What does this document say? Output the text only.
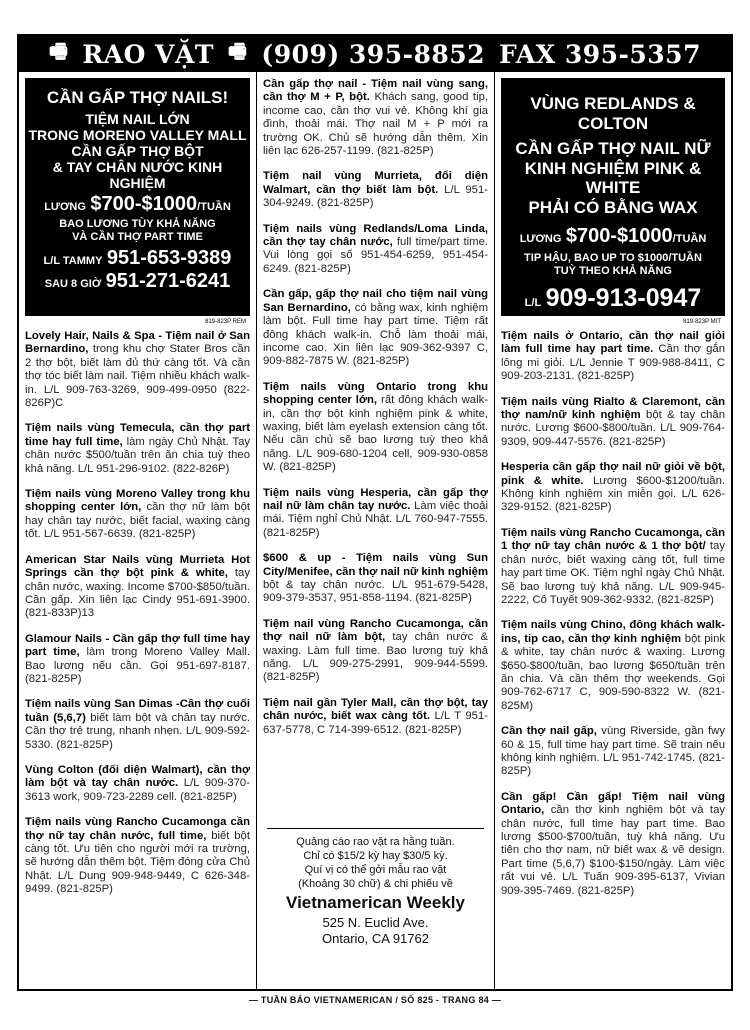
🖷 RAO VẶT 🖷 (909) 395-8852 FAX 395-5357
CẦN GẤP THỢ NAILS!
TIỆM NAIL LỚN
TRONG MORENO VALLEY MALL
CẦN GẤP THỢ BỘT
& TAY CHÂN NƯỚC KINH NGHIỆM
LƯƠNG $700-$1000/TUẦN
BAO LƯƠNG TÙY KHẢ NĂNG
VÀ CẦN THỢ PART TIME
L/L TAMMY 951-653-9389
SAU 8 GIỜ 951-271-6241
819-823P REM

Lovely Hair, Nails & Spa - Tiệm nail ở San Bernardino, trong khu chợ Stater Bros cần 2 thợ bột, biết làm đủ thứ càng tốt. Và cần thợ tóc biết làm nail. Tiệm nhiều khách walk-in. L/L 909-763-3269, 909-499-0950 (822-826P)C

Tiệm nails vùng Temecula, cần thợ part time hay full time, làm ngày Chủ Nhật. Tay chân nước $500/tuần trên ăn chia tuỳ theo khả năng. L/L 951-296-9102. (822-826P)

Tiệm nails vùng Moreno Valley trong khu shopping center lớn, cần thợ nữ làm bột hay chân tay nước, biết facial, waxing càng tốt. L/L 951-567-6639. (821-825P)

American Star Nails vùng Murrieta Hot Springs cần thợ bột pink & white, tay chân nước, waxing. Income $700-$850/tuần. Cần gấp. Xin liên lạc Cindy 951-691-3900. (821-833P)13

Glamour Nails - Cần gấp thợ full time hay part time, làm trong Moreno Valley Mall. Bao lương nếu cần. Gọi 951-697-8187. (821-825P)

Tiệm nails vùng San Dimas -Cần thợ cuối tuần (5,6,7) biết làm bột và chân tay nước. Cần thợ trẻ trung, nhanh nhẹn. L/L 909-592-5330. (821-825P)

Vùng Colton (đối diện Walmart), cần thợ làm bột và tay chân nước. L/L 909-370-3613 work, 909-723-2289 cell. (821-825P)

Tiệm nails vùng Rancho Cucamonga cần thợ nữ tay chân nước, full time, biết bột càng tốt. Ưu tiên cho người mới ra trường, sẽ hướng dẫn thêm bột. Tiệm đóng cửa Chủ Nhật. L/L Dung 909-948-9449, C 626-348-9499. (821-825P)

Cần gấp thợ nail - Tiệm nail vùng sang, cần thợ M + P, bột. Khách sang, good tip, income cao, cần thợ vui vẻ. Không khí gia đình, thoải mái. Thợ nail M + P mới ra trường OK. Chủ sẽ hướng dẫn thêm. Xin liên lạc 626-257-1199. (821-825P)

Tiệm nail vùng Murrieta, đối diện Walmart, cần thợ biết làm bột. L/L 951-304-9249. (821-825P)

Tiệm nails vùng Redlands/Loma Linda, cần thợ tay chân nước, full time/part time. Vui lòng gọi số 951-454-6259, 951-454-6249. (821-825P)

Cần gấp, gấp thợ nail cho tiệm nail vùng San Bernardino, có bằng wax, kinh nghiệm làm bột. Full time hay part time. Tiệm rất đông khách walk-in. Chỗ làm thoải mái, income cao. Xin liên lạc 909-362-9397 C, 909-882-7875 W. (821-825P)

Tiệm nails vùng Ontario trong khu shopping center lớn, rất đông khách walk-in, cần thợ bột kinh nghiệm pink & white, waxing, biết làm eyelash extension càng tốt. Nếu cần chủ sẽ bao lương tuỳ theo khả năng. L/L 909-680-1204 cell, 909-930-0858 W. (821-825P)

Tiệm nails vùng Hesperia, cần gấp thợ nail nữ làm chân tay nước. Làm việc thoải mái. Tiệm nghỉ Chủ Nhật. L/L 760-947-7555. (821-825P)

$600 & up - Tiệm nails vùng Sun City/Menifee, cần thợ nail nữ kinh nghiệm bột & tay chân nước. L/L 951-679-5428, 909-379-3537, 951-858-1194. (821-825P)

Tiệm nail vùng Rancho Cucamonga, cần thợ nail nữ làm bột, tay chân nước & waxing. Làm full time. Bao lương tuỳ khả năng. L/L 909-275-2991, 909-944-5599. (821-825P)

Tiệm nail gần Tyler Mall, cần thợ bột, tay chân nước, biết wax càng tốt. L/L T 951-637-5778, C 714-399-6512. (821-825P)

Quảng cáo rao vặt ra hằng tuần.
Chỉ có $15/2 kỳ hay $30/5 kỳ.
Quí vị có thể gởi mẫu rao vặt
(Khoảng 30 chữ) & chi phiếu về
Vietnamerican Weekly
525 N. Euclid Ave.
Ontario, CA 91762
VÙNG REDLANDS & COLTON
CẦN GẤP THỢ NAIL NỮ
KINH NGHIỆM PINK & WHITE
PHẢI CÓ BẰNG WAX
LƯƠNG $700-$1000/TUẦN
TIP HẬU, BAO UP TO $1000/TUẦN
TUỲ THEO KHẢ NĂNG
L/L 909-913-0947
819-823P MIT

Tiệm nails ở Ontario, cần thợ nail giỏi làm full time hay part time. Cần thợ gắn lông mi giỏi. L/L Jennie T 909-988-8411, C 909-203-2131. (821-825P)

Tiệm nails vùng Rialto & Claremont, cần thợ nam/nữ kinh nghiệm bột & tay chân nước. Lương $600-$800/tuần. L/L 909-764-9309, 909-447-5576. (821-825P)

Hesperia cần gấp thợ nail nữ giỏi về bột, pink & white. Lương $600-$1200/tuần. Không kinh nghiệm xin miễn gọi. L/L 626-329-9152. (821-825P)

Tiệm nails vùng Rancho Cucamonga, cần 1 thợ nữ tay chân nước & 1 thợ bột/ tay chân nước, biết waxing càng tốt, full time hay part time OK. Tiệm nghỉ ngày Chủ Nhật. Sẽ bao lương tuỳ khả năng. L/L 909-945-2222, Cô Tuyết 909-362-9332. (821-825P)

Tiệm nails vùng Chino, đông khách walk-ins, tip cao, cần thợ kinh nghiệm bột pink & white, tay chân nước & waxing. Lương $650-$800/tuần, bao lương $650/tuần trên ăn chia. Và cần thêm thợ weekends. Gọi 909-762-6717 C, 909-590-8322 W. (821-825M)

Cần thợ nail gấp, vùng Riverside, gần fwy 60 & 15, full time hay part time. Sẽ train nếu không kinh nghiệm. L/L 951-742-1745. (821-825P)

Cần gấp! Cần gấp! Tiệm nail vùng Ontario, cần thợ kinh nghiệm bột và tay chân nước, full time hay part time. Bao lương $500-$700/tuần, tuỳ khả năng. Ưu tiên cho thợ nam, nữ biết wax & vẽ design. Part time (5,6,7) $100-$150/ngày. Làm việc rất vui vẻ. L/L Tuấn 909-395-6137, Vivian 909-395-7469. (821-825P)

— TUẦN BÁO VIETNAMERICAN / SỐ 825 - TRANG 84 —
